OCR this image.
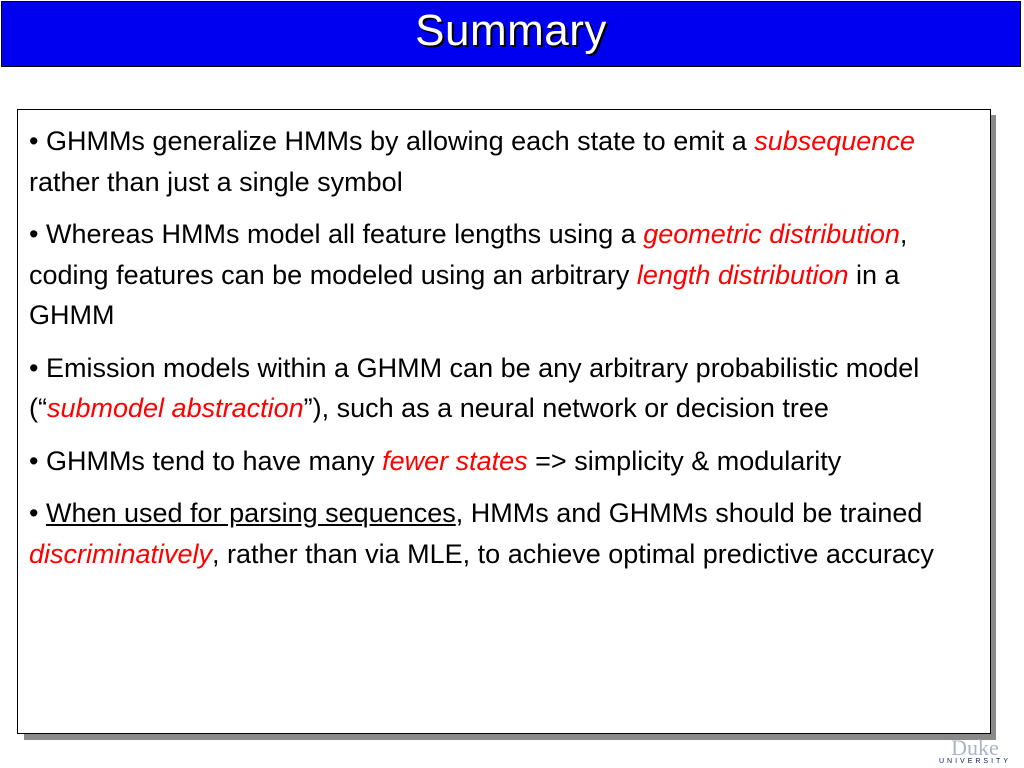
Summary

• GHMMs generalize HMMs by allowing each state to emit a subsequence rather than just a single symbol

• Whereas HMMs model all feature lengths using a geometric distribution, coding features can be modeled using an arbitrary length distribution in a GHMM

• Emission models within a GHMM can be any arbitrary probabilistic model (“submodel abstraction”), such as a neural network or decision tree

• GHMMs tend to have many fewer states => simplicity & modularity

• When used for parsing sequences, HMMs and GHMMs should be trained discriminatively, rather than via MLE, to achieve optimal predictive accuracy

Duke
UNIVERSITY
